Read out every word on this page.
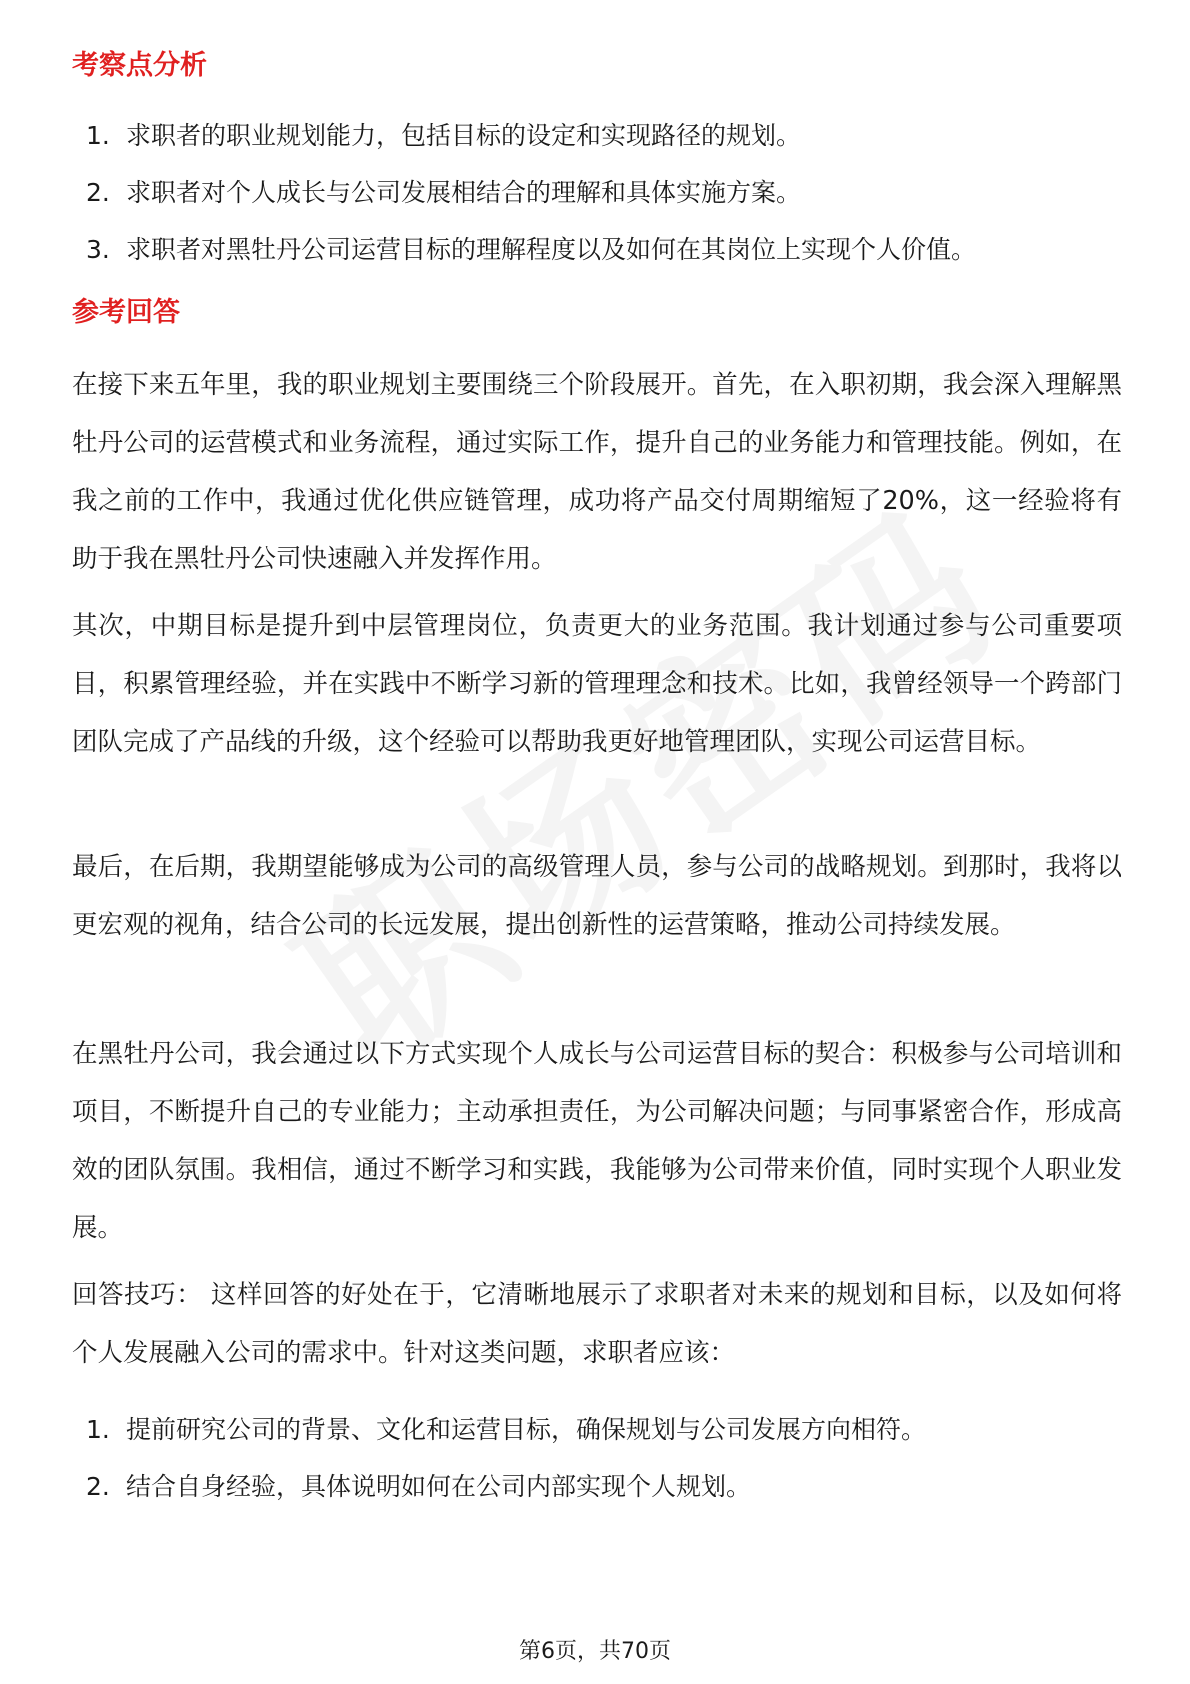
考察点分析
1. 求职者的职业规划能力，包括目标的设定和实现路径的规划。
2. 求职者对个人成长与公司发展相结合的理解和具体实施方案。
3. 求职者对黑牡丹公司运营目标的理解程度以及如何在其岗位上实现个人价值。
参考回答

在接下来五年里，我的职业规划主要围绕三个阶段展开。首先，在入职初期，我会深入理解黑牡丹公司的运营模式和业务流程，通过实际工作，提升自己的业务能力和管理技能。例如，在我之前的工作中，我通过优化供应链管理，成功将产品交付周期缩短了20%，这一经验将有助于我在黑牡丹公司快速融入并发挥作用。

其次，中期目标是提升到中层管理岗位，负责更大的业务范围。我计划通过参与公司重要项目，积累管理经验，并在实践中不断学习新的管理理念和技术。比如，我曾经领导一个跨部门团队完成了产品线的升级，这个经验可以帮助我更好地管理团队，实现公司运营目标。

最后，在后期，我期望能够成为公司的高级管理人员，参与公司的战略规划。到那时，我将以更宏观的视角，结合公司的长远发展，提出创新性的运营策略，推动公司持续发展。

在黑牡丹公司，我会通过以下方式实现个人成长与公司运营目标的契合：积极参与公司培训和项目，不断提升自己的专业能力；主动承担责任，为公司解决问题；与同事紧密合作，形成高效的团队氛围。我相信，通过不断学习和实践，我能够为公司带来价值，同时实现个人职业发展。

回答技巧： 这样回答的好处在于，它清晰地展示了求职者对未来的规划和目标，以及如何将个人发展融入公司的需求中。针对这类问题，求职者应该：

1. 提前研究公司的背景、文化和运营目标，确保规划与公司发展方向相符。
2. 结合自身经验，具体说明如何在公司内部实现个人规划。
第6页，共70页
